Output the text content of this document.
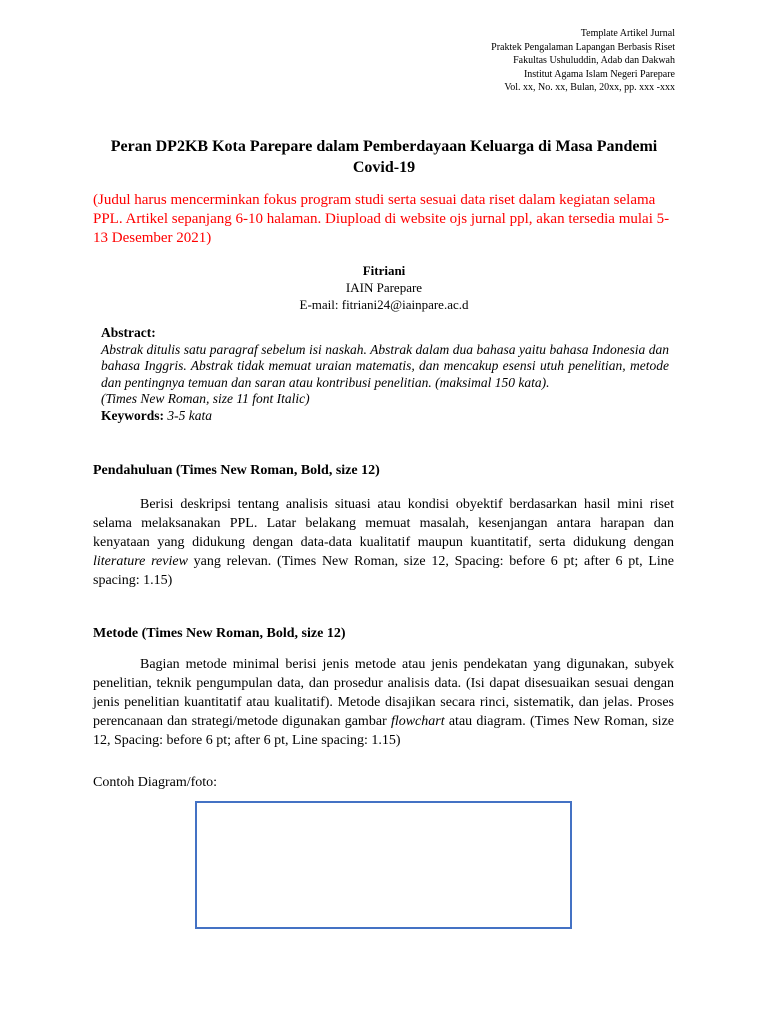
Template Artikel Jurnal
Praktek Pengalaman Lapangan Berbasis Riset
Fakultas Ushuluddin, Adab dan Dakwah
Institut Agama Islam Negeri Parepare
Vol. xx, No. xx, Bulan, 20xx, pp. xxx -xxx
Peran DP2KB Kota Parepare dalam Pemberdayaan Keluarga di Masa Pandemi Covid-19
(Judul harus mencerminkan fokus program studi serta sesuai data riset dalam kegiatan selama PPL. Artikel sepanjang 6-10 halaman. Diupload di website ojs jurnal ppl, akan tersedia mulai 5-13 Desember 2021)
Fitriani
IAIN Parepare
E-mail: fitriani24@iainpare.ac.d
Abstract:
Abstrak ditulis satu paragraf sebelum isi naskah. Abstrak dalam dua bahasa yaitu bahasa Indonesia dan bahasa Inggris. Abstrak tidak memuat uraian matematis, dan mencakup esensi utuh penelitian, metode dan pentingnya temuan dan saran atau kontribusi penelitian. (maksimal 150 kata).
(Times New Roman, size 11 font Italic)
Keywords: 3-5 kata
Pendahuluan (Times New Roman, Bold, size 12)
Berisi deskripsi tentang analisis situasi atau kondisi obyektif berdasarkan hasil mini riset selama melaksanakan PPL. Latar belakang memuat masalah, kesenjangan antara harapan dan kenyataan yang didukung dengan data-data kualitatif maupun kuantitatif, serta didukung dengan literature review yang relevan. (Times New Roman, size 12, Spacing: before 6 pt; after 6 pt, Line spacing: 1.15)
Metode (Times New Roman, Bold, size 12)
Bagian metode minimal berisi jenis metode atau jenis pendekatan yang digunakan, subyek penelitian, teknik pengumpulan data, dan prosedur analisis data. (Isi dapat disesuaikan sesuai dengan jenis penelitian kuantitatif atau kualitatif). Metode disajikan secara rinci, sistematik, dan jelas. Proses perencanaan dan strategi/metode digunakan gambar flowchart atau diagram. (Times New Roman, size 12, Spacing: before 6 pt; after 6 pt, Line spacing: 1.15)
Contoh Diagram/foto:
